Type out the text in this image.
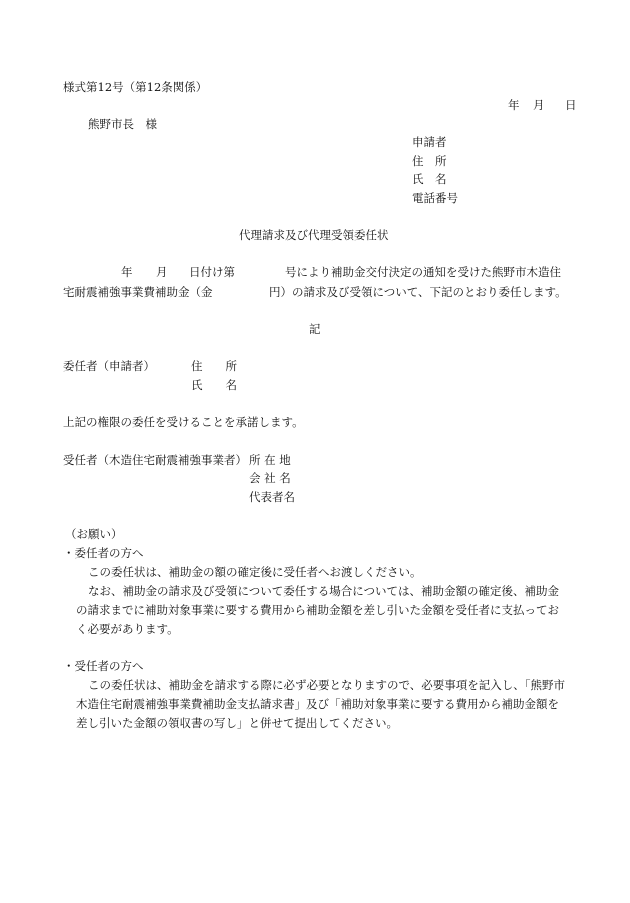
様式第12号（第12条関係）
年 月 日
熊野市長　様
申請者
住　所
氏　名
電話番号
代理請求及び代理受領委任状
年 月 日付け第	号により補助金交付決定の通知を受けた熊野市木造住
宅耐震補強事業費補助金（金	円）の請求及び受領について、下記のとおり委任します。
記
委任者（申請者）	住　　所
氏　　名
上記の権限の委任を受けることを承諾します。
受任者（木造住宅耐震補強事業者） 所 在 地
会 社 名
代表者名
（お願い）
・委任者の方へ
この委任状は、補助金の額の確定後に受任者へお渡しください。
なお、補助金の請求及び受領について委任する場合については、補助金額の確定後、補助金
の請求までに補助対象事業に要する費用から補助金額を差し引いた金額を受任者に支払ってお
く必要があります。
・受任者の方へ
この委任状は、補助金を請求する際に必ず必要となりますので、必要事項を記入し、「熊野市
木造住宅耐震補強事業費補助金支払請求書」及び「補助対象事業に要する費用から補助金額を
差し引いた金額の領収書の写し」と併せて提出してください。
